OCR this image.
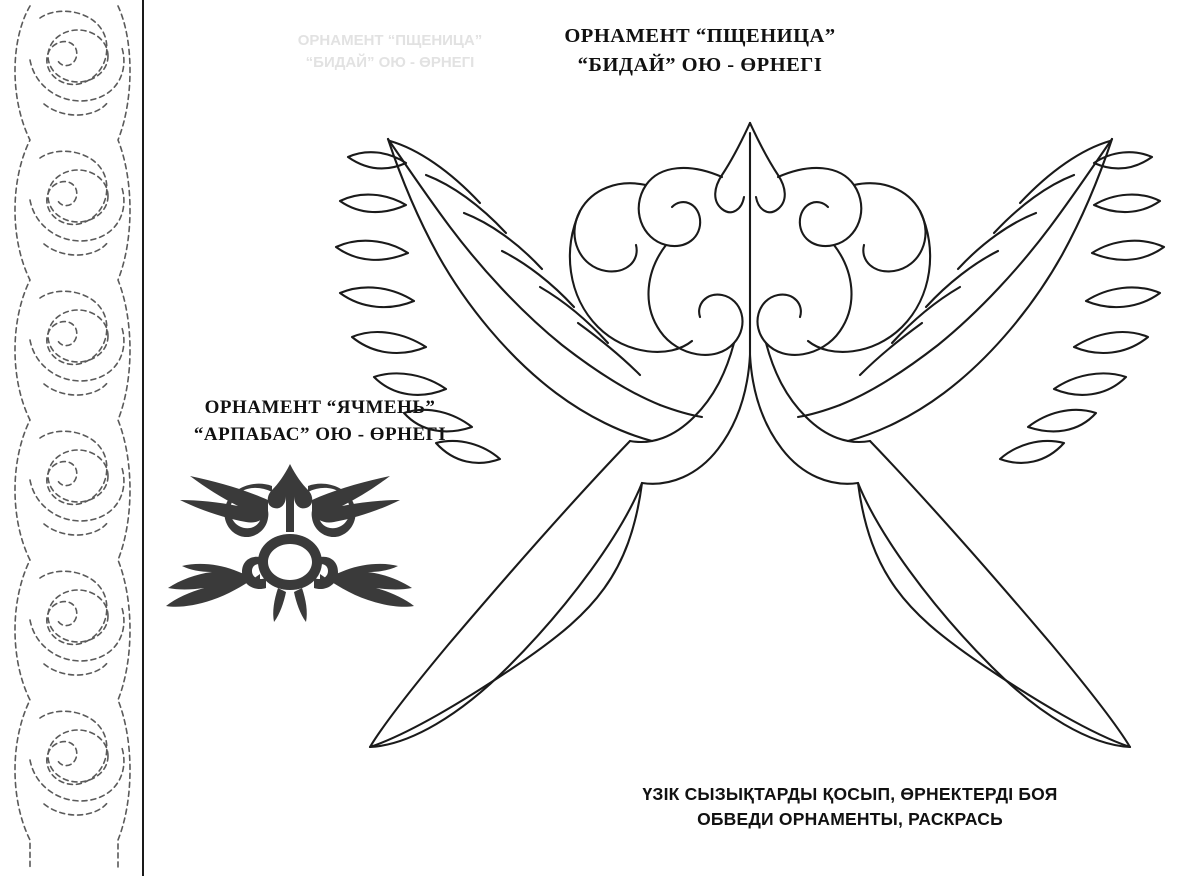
ОРНАМЕНТ “ПЩЕНИЦА”
“БИДАЙ” ОЮ - ӨРНЕГІ
ОРНАМЕНТ “ПЩЕНИЦА”
“БИДАЙ” ОЮ - ӨРНЕГІ
ОРНАМЕНТ “ЯЧМЕНЬ”
“АРПАБАС” ОЮ - ӨРНЕГІ
ҮЗІК СЫЗЫҚТАРДЫ ҚОСЫП, ӨРНЕКТЕРДІ БОЯ
ОБВЕДИ ОРНАМЕНТЫ, РАСКРАСЬ
